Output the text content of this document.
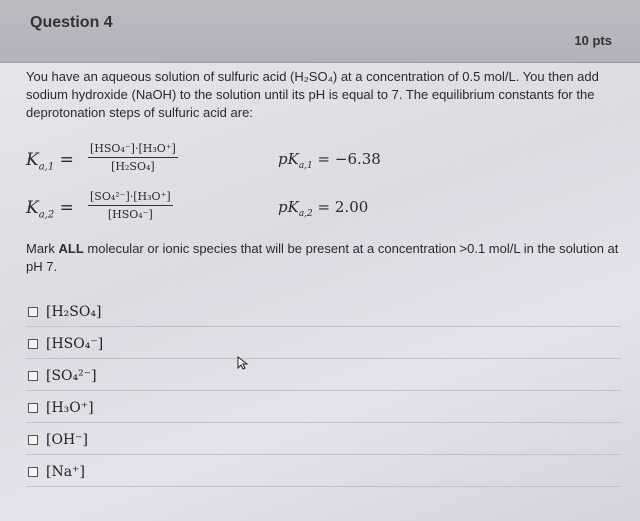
Question 4
10 pts

You have an aqueous solution of sulfuric acid (H₂SO₄) at a concentration of 0.5 mol/L. You then add sodium hydroxide (NaOH) to the solution until its pH is equal to 7. The equilibrium constants for the deprotonation steps of sulfuric acid are:

$K_{a,1}$ =
[HSO₄⁻]·[H₃O⁺]
[H₂SO₄]	$pK_{a,1} = -6.38$
$K_{a,2}$ =
[SO₄²⁻]·[H₃O⁺]
[HSO₄⁻]	$pK_{a,2} = 2.00$
Mark ALL molecular or ionic species that will be present at a concentration >0.1 mol/L in the solution at pH 7.
[H₂SO₄]
[HSO₄⁻]
[SO₄²⁻]
[H₃O⁺]
[OH⁻]
[Na⁺]
